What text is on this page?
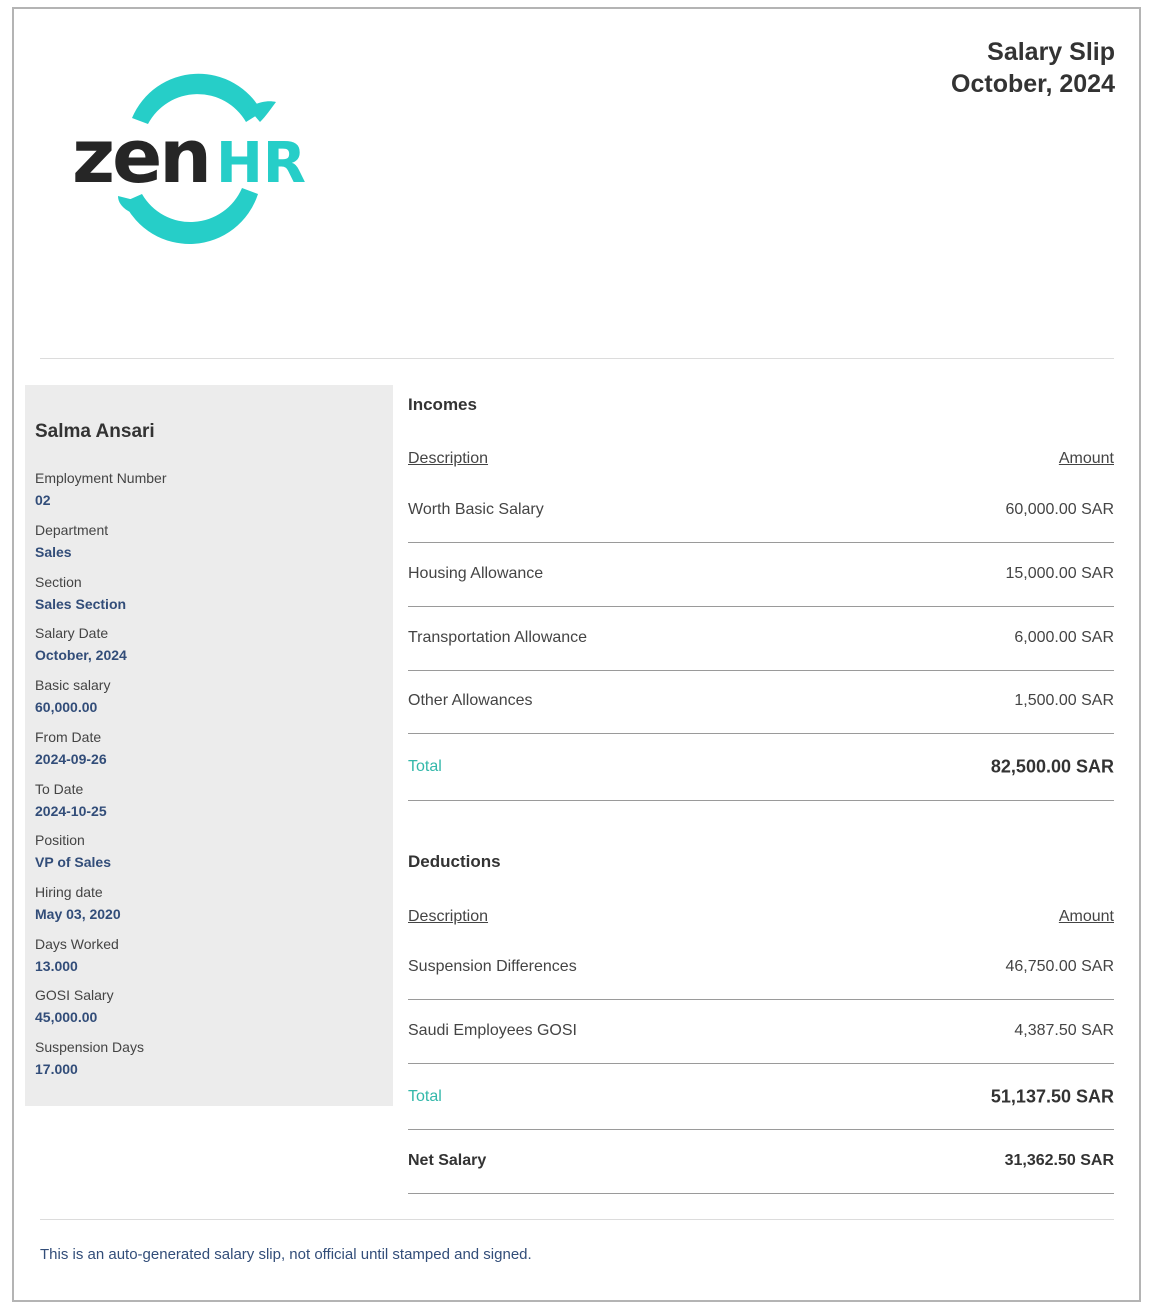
Salary Slip
October, 2024
zen HR
Salma Ansari
Employment Number
02
Department
Sales
Section
Sales Section
Salary Date
October, 2024
Basic salary
60,000.00
From Date
2024-09-26
To Date
2024-10-25
Position
VP of Sales
Hiring date
May 03, 2020
Days Worked
13.000
GOSI Salary
45,000.00
Suspension Days
17.000
Incomes
Description	Amount
Worth Basic Salary	60,000.00 SAR
Housing Allowance	15,000.00 SAR
Transportation Allowance	6,000.00 SAR
Other Allowances	1,500.00 SAR
Total	82,500.00 SAR
Deductions
Description	Amount
Suspension Differences	46,750.00 SAR
Saudi Employees GOSI	4,387.50 SAR
Total	51,137.50 SAR
Net Salary	31,362.50 SAR
This is an auto-generated salary slip, not official until stamped and signed.
